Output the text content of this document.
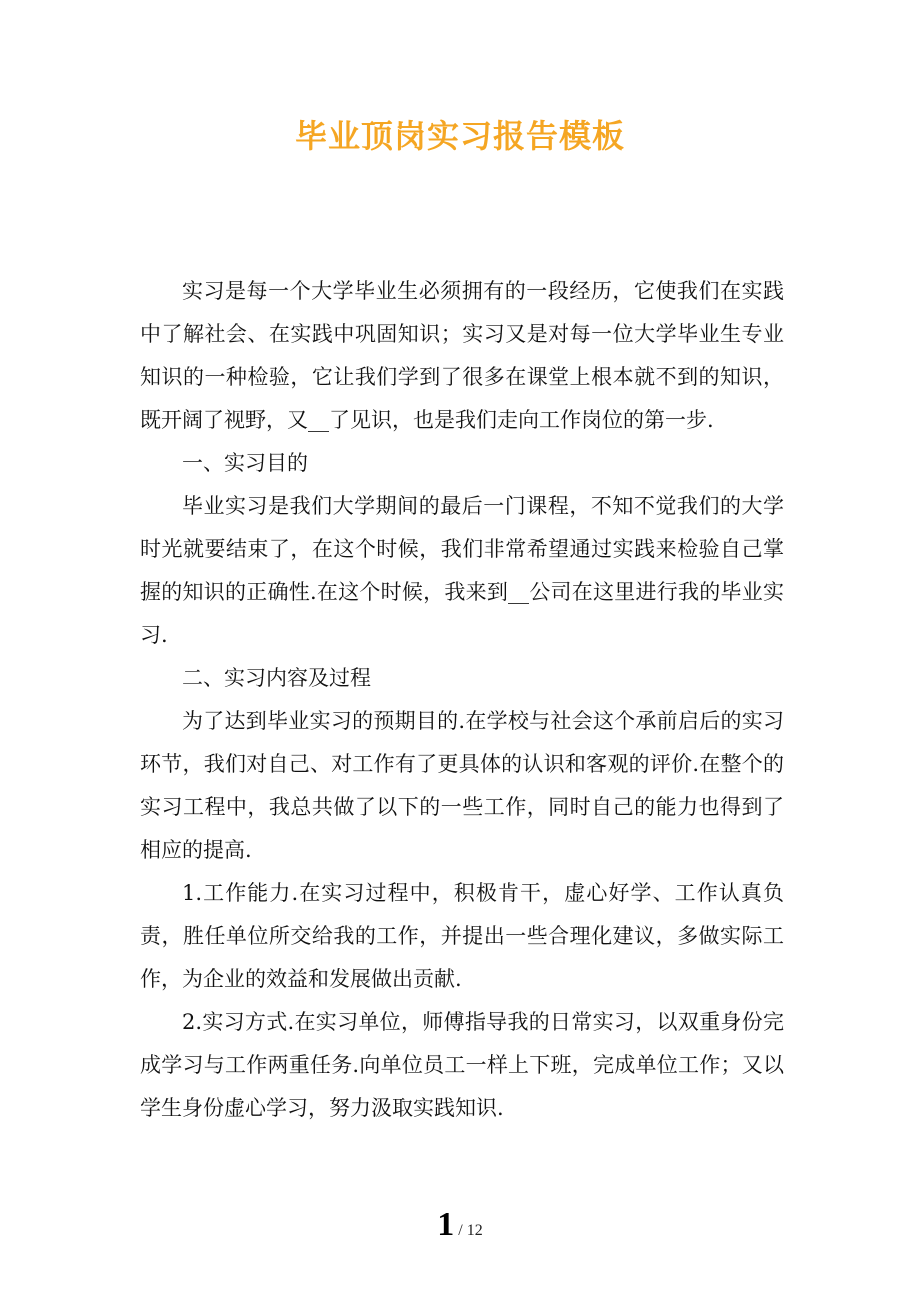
毕业顶岗实习报告模板

实习是每一个大学毕业生必须拥有的一段经历，它使我们在实践中了解社会、在实践中巩固知识；实习又是对每一位大学毕业生专业知识的一种检验，它让我们学到了很多在课堂上根本就不到的知识，既开阔了视野，又__了见识，也是我们走向工作岗位的第一步.

一、实习目的

毕业实习是我们大学期间的最后一门课程，不知不觉我们的大学时光就要结束了，在这个时候，我们非常希望通过实践来检验自己掌握的知识的正确性.在这个时候，我来到__公司在这里进行我的毕业实习.

二、实习内容及过程

为了达到毕业实习的预期目的.在学校与社会这个承前启后的实习环节，我们对自己、对工作有了更具体的认识和客观的评价.在整个的实习工程中，我总共做了以下的一些工作，同时自己的能力也得到了相应的提高.

1.工作能力.在实习过程中，积极肯干，虚心好学、工作认真负责，胜任单位所交给我的工作，并提出一些合理化建议，多做实际工作，为企业的效益和发展做出贡献.

2.实习方式.在实习单位，师傅指导我的日常实习，以双重身份完成学习与工作两重任务.向单位员工一样上下班，完成单位工作；又以学生身份虚心学习，努力汲取实践知识.

1 / 12
